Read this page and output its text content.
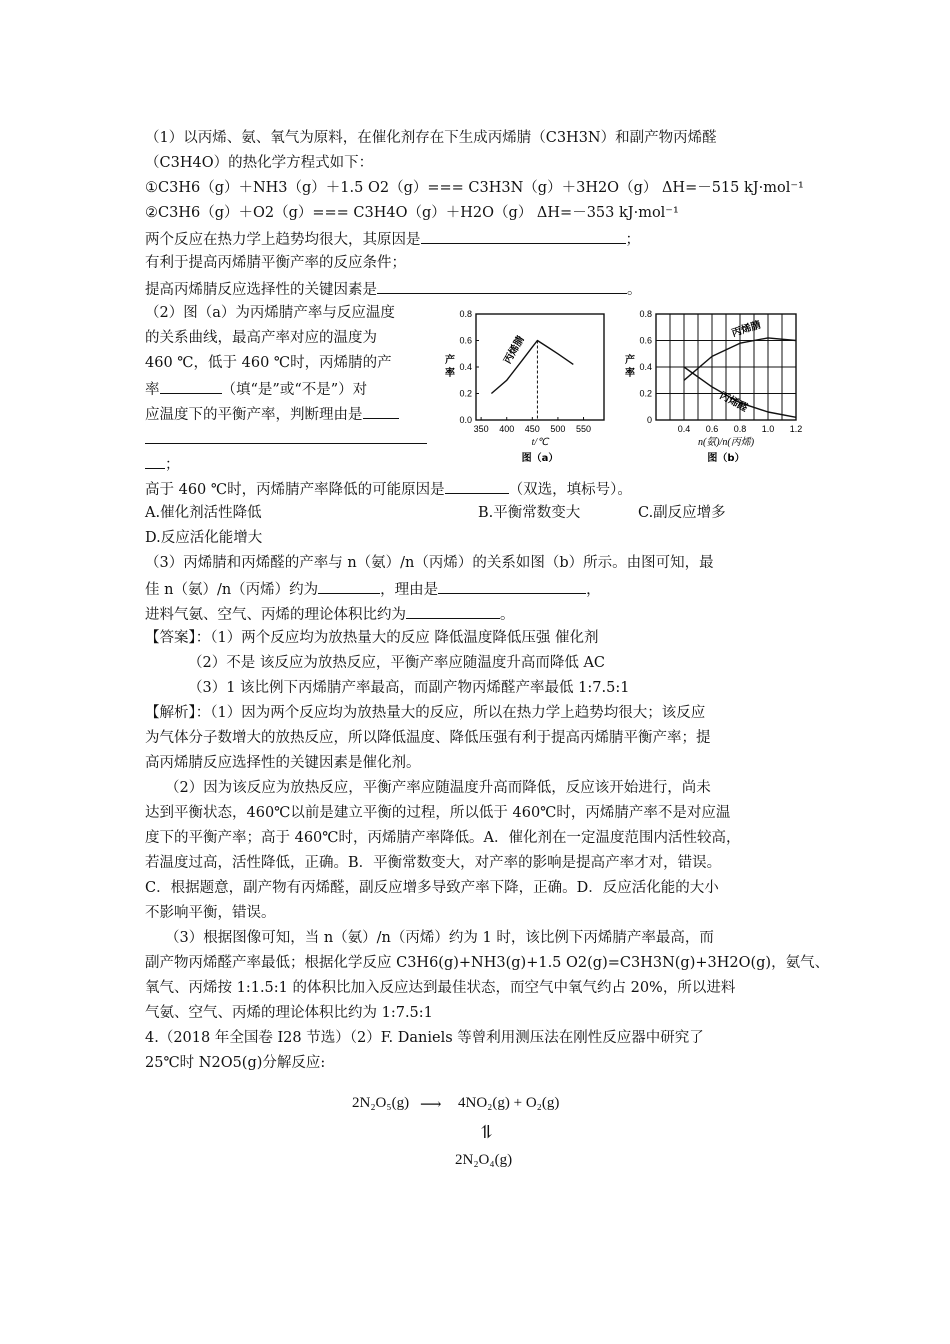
（1）以丙烯、氨、氧气为原料，在催化剂存在下生成丙烯腈（C3H3N）和副产物丙烯醛
（C3H4O）的热化学方程式如下：
①C3H6（g）＋NH3（g）＋1.5 O2（g）=== C3H3N（g）＋3H2O（g） ΔH=－515 kJ·mol⁻¹
②C3H6（g）＋O2（g）=== C3H4O（g）＋H2O（g） ΔH=－353 kJ·mol⁻¹
两个反应在热力学上趋势均很大，其原因是	；
有利于提高丙烯腈平衡产率的反应条件；
提高丙烯腈反应选择性的关键因素是	。
（2）图（a）为丙烯腈产率与反应温度
的关系曲线，最高产率对应的温度为
460 ℃，低于 460 ℃时，丙烯腈的产
率	（填“是”或“不是”）对
应温度下的平衡产率，判断理由是
；
高于 460 ℃时，丙烯腈产率降低的可能原因是	（双选，填标号）。
A.催化剂活性降低	B.平衡常数变大	C.副反应增多
D.反应活化能增大
（3）丙烯腈和丙烯醛的产率与 n（氨）/n（丙烯）的关系如图（b）所示。由图可知，最
佳 n（氨）/n（丙烯）约为	，理由是	，
进料气氨、空气、丙烯的理论体积比约为	。
【答案】：（1）两个反应均为放热量大的反应 降低温度降低压强 催化剂
（2）不是 该反应为放热反应，平衡产率应随温度升高而降低 AC
（3）1 该比例下丙烯腈产率最高，而副产物丙烯醛产率最低 1:7.5:1
【解析】：（1）因为两个反应均为放热量大的反应，所以在热力学上趋势均很大；该反应
为气体分子数增大的放热反应，所以降低温度、降低压强有利于提高丙烯腈平衡产率；提
高丙烯腈反应选择性的关键因素是催化剂。
（2）因为该反应为放热反应，平衡产率应随温度升高而降低，反应该开始进行，尚未
达到平衡状态，460℃以前是建立平衡的过程，所以低于 460℃时，丙烯腈产率不是对应温
度下的平衡产率；高于 460℃时，丙烯腈产率降低。A．催化剂在一定温度范围内活性较高，
若温度过高，活性降低，正确。B．平衡常数变大，对产率的影响是提高产率才对，错误。
C．根据题意，副产物有丙烯醛，副反应增多导致产率下降，正确。D．反应活化能的大小
不影响平衡，错误。
（3）根据图像可知，当 n（氨）/n（丙烯）约为 1 时，该比例下丙烯腈产率最高，而
副产物丙烯醛产率最低；根据化学反应 C3H6(g)+NH3(g)+1.5 O2(g)=C3H3N(g)+3H2O(g)，氨气、
氧气、丙烯按 1:1.5:1 的体积比加入反应达到最佳状态，而空气中氧气约占 20%，所以进料
气氨、空气、丙烯的理论体积比约为 1:7.5:1
4.（2018 年全国卷 I28 节选）（2）F. Daniels 等曾利用测压法在刚性反应器中研究了
25℃时 N2O5(g)分解反应:
2N₂O₅(g) ⟶ 4NO₂(g) + O₂(g)
⥮
2N₂O₄(g)
0.0
0.2
0.4
0.6
0.8
350 400 450 500 550
t/℃
图（a）
产
率
丙烯腈
0
0.2
0.4
0.6
0.8
0.4 0.6 0.8 1.0 1.2
n(氨)/n(丙烯)
图（b）
产
率
丙烯腈
丙烯醛
